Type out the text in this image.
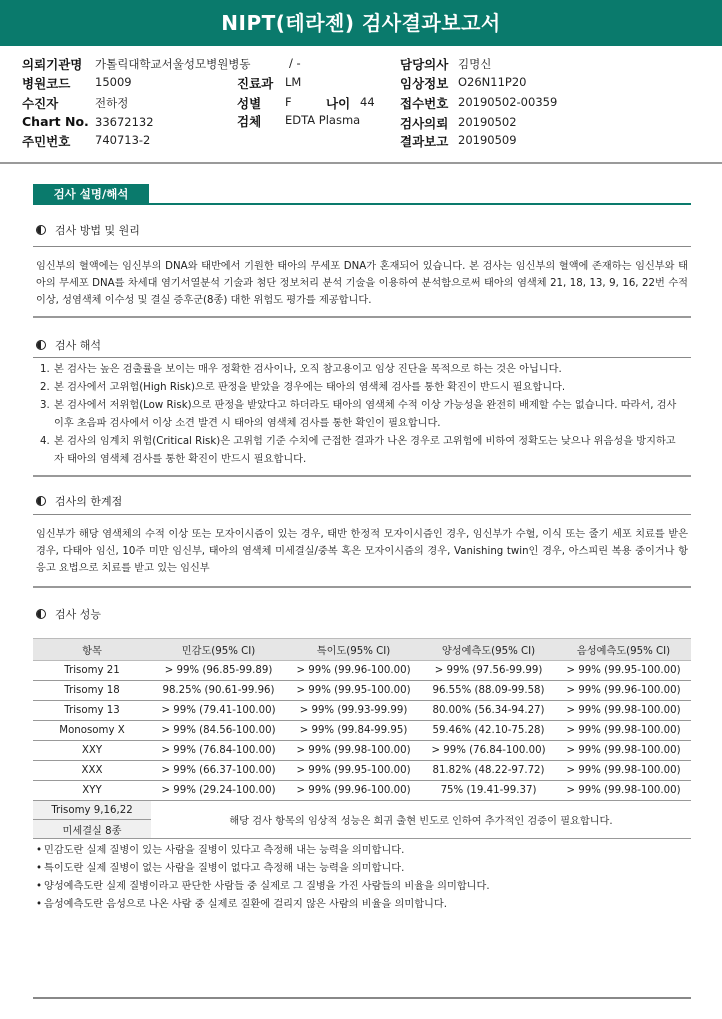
NIPT(테라젠) 검사결과보고서
의뢰기관명 가톨릭대학교서울성모병원병동	/ -	담당의사 김명신
병원코드 15009	진료과 LM	임상정보 O26N11P20
수진자	전하정	성별 F	나이 44 접수번호 20190502-00359
Chart No. 33672132	검체 EDTA Plasma	검사의뢰 20190502
주민번호 740713-2	결과보고 20190509
검사 설명/해석
검사 방법 및 원리
임신부의 혈액에는 임신부의 DNA와 태반에서 기원한 태아의 무세포 DNA가 혼재되어 있습니다. 본 검사는 임신부의 혈액에 존재하는 임신부와 태아의 무세포 DNA를 차세대 염기서열분석 기술과 첨단 정보처리 분석 기술을 이용하여 분석함으로써 태아의 염색체 21, 18, 13, 9, 16, 22번 수적 이상, 성염색체 이수성 및 결실 증후군(8종) 대한 위험도 평가를 제공합니다.
검사 해석
1. 본 검사는 높은 검출률을 보이는 매우 정확한 검사이나, 오직 참고용이고 임상 진단을 목적으로 하는 것은 아닙니다.
2. 본 검사에서 고위험(High Risk)으로 판정을 받았을 경우에는 태아의 염색체 검사를 통한 확진이 반드시 필요합니다.
3. 본 검사에서 저위험(Low Risk)으로 판정을 받았다고 하더라도 태아의 염색체 수적 이상 가능성을 완전히 배제할 수는 없습니다. 따라서, 검사 이후 초음파 검사에서 이상 소견 발견 시 태아의 염색체 검사를 통한 확인이 필요합니다.
4. 본 검사의 임계치 위험(Critical Risk)은 고위험 기준 수치에 근접한 결과가 나온 경우로 고위험에 비하여 정확도는 낮으나 위음성을 방지하고자 태아의 염색체 검사를 통한 확진이 반드시 필요합니다.
검사의 한계점
임신부가 해당 염색체의 수적 이상 또는 모자이시즘이 있는 경우, 태반 한정적 모자이시즘인 경우, 임신부가 수혈, 이식 또는 줄기 세포 치료를 받은 경우, 다태아 임신, 10주 미만 임신부, 태아의 염색체 미세결실/중복 혹은 모자이시즘의 경우, Vanishing twin인 경우, 아스피린 복용 중이거나 항 응고 요법으로 치료를 받고 있는 임신부
검사 성능
항목	민감도(95% CI)	특이도(95% CI)	양성예측도(95% CI)	음성예측도(95% CI)
Trisomy 21	> 99% (96.85-99.89)	> 99% (99.96-100.00)	> 99% (97.56-99.99)	> 99% (99.95-100.00)
Trisomy 18	98.25% (90.61-99.96)	> 99% (99.95-100.00)	96.55% (88.09-99.58)	> 99% (99.96-100.00)
Trisomy 13	> 99% (79.41-100.00)	> 99% (99.93-99.99)	80.00% (56.34-94.27)	> 99% (99.98-100.00)
Monosomy X	> 99% (84.56-100.00)	> 99% (99.84-99.95)	59.46% (42.10-75.28)	> 99% (99.98-100.00)
XXY	> 99% (76.84-100.00)	> 99% (99.98-100.00)	> 99% (76.84-100.00)	> 99% (99.98-100.00)
XXX	> 99% (66.37-100.00)	> 99% (99.95-100.00)	81.82% (48.22-97.72)	> 99% (99.98-100.00)
XYY	> 99% (29.24-100.00)	> 99% (99.96-100.00)	75% (19.41-99.37)	> 99% (99.98-100.00)
Trisomy 9,16,22	해당 검사 항목의 임상적 성능은 희귀 출현 빈도로 인하여 추가적인 검증이 필요합니다.			
미세결실 8종				
• 민감도란 실제 질병이 있는 사람을 질병이 있다고 측정해 내는 능력을 의미합니다.
• 특이도란 실제 질병이 없는 사람을 질병이 없다고 측정해 내는 능력을 의미합니다.
• 양성예측도란 실제 질병이라고 판단한 사람들 중 실제로 그 질병을 가진 사람들의 비율을 의미합니다.
• 음성예측도란 음성으로 나온 사람 중 실제로 질환에 걸리지 않은 사람의 비율을 의미합니다.
